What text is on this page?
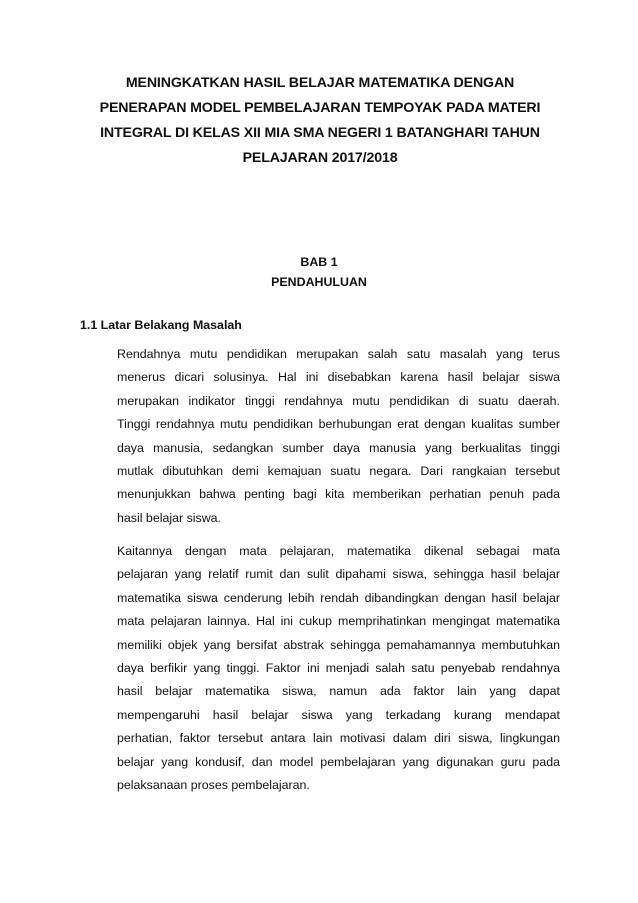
MENINGKATKAN HASIL BELAJAR MATEMATIKA DENGAN
PENERAPAN MODEL PEMBELAJARAN TEMPOYAK PADA MATERI
INTEGRAL DI KELAS XII MIA SMA NEGERI 1 BATANGHARI TAHUN
PELAJARAN 2017/2018
BAB 1
PENDAHULUAN
1.1 Latar Belakang Masalah

Rendahnya mutu pendidikan merupakan salah satu masalah yang terus
menerus dicari solusinya. Hal ini disebabkan karena hasil belajar siswa
merupakan indikator tinggi rendahnya mutu pendidikan di suatu daerah.
Tinggi rendahnya mutu pendidikan berhubungan erat dengan kualitas sumber
daya manusia, sedangkan sumber daya manusia yang berkualitas tinggi
mutlak dibutuhkan demi kemajuan suatu negara. Dari rangkaian tersebut
menunjukkan bahwa penting bagi kita memberikan perhatian penuh pada
hasil belajar siswa.

Kaitannya dengan mata pelajaran, matematika dikenal sebagai mata
pelajaran yang relatif rumit dan sulit dipahami siswa, sehingga hasil belajar
matematika siswa cenderung lebih rendah dibandingkan dengan hasil belajar
mata pelajaran lainnya. Hal ini cukup memprihatinkan mengingat matematika
memiliki objek yang bersifat abstrak sehingga pemahamannya membutuhkan
daya berfikir yang tinggi. Faktor ini menjadi salah satu penyebab rendahnya
hasil belajar matematika siswa, namun ada faktor lain yang dapat
mempengaruhi hasil belajar siswa yang terkadang kurang mendapat
perhatian, faktor tersebut antara lain motivasi dalam diri siswa, lingkungan
belajar yang kondusif, dan model pembelajaran yang digunakan guru pada
pelaksanaan proses pembelajaran.
